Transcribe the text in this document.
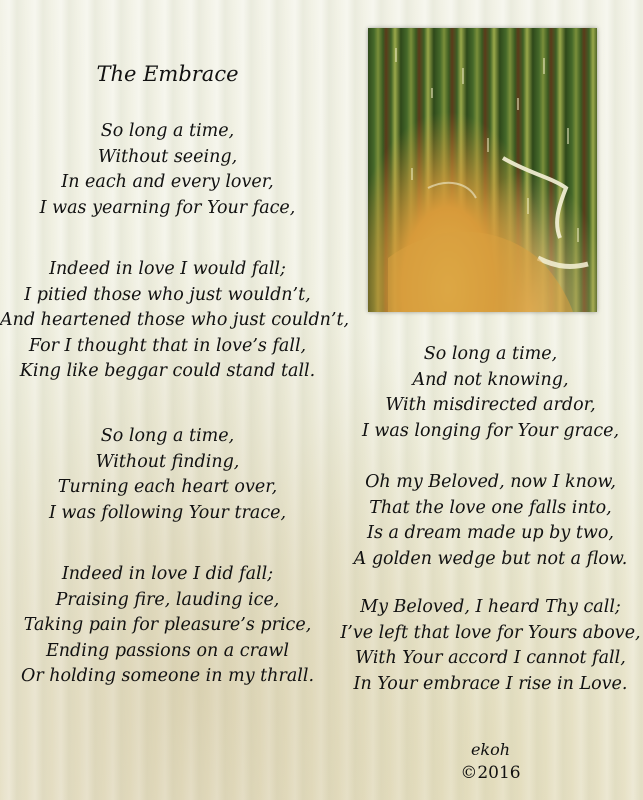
The Embrace
So long a time,
Without seeing,
In each and every lover,
I was yearning for Your face,
Indeed in love I would fall;
I pitied those who just wouldn’t,
And heartened those who just couldn’t,
For I thought that in love’s fall,
King like beggar could stand tall.
So long a time,
Without finding,
Turning each heart over,
I was following Your trace,
Indeed in love I did fall;
Praising fire, lauding ice,
Taking pain for pleasure’s price,
Ending passions on a crawl
Or holding someone in my thrall.
So long a time,
And not knowing,
With misdirected ardor,
I was longing for Your grace,
Oh my Beloved, now I know,
That the love one falls into,
Is a dream made up by two,
A golden wedge but not a flow.
My Beloved, I heard Thy call;
I’ve left that love for Yours above,
With Your accord I cannot fall,
In Your embrace I rise in Love.
ekoh
©2016
